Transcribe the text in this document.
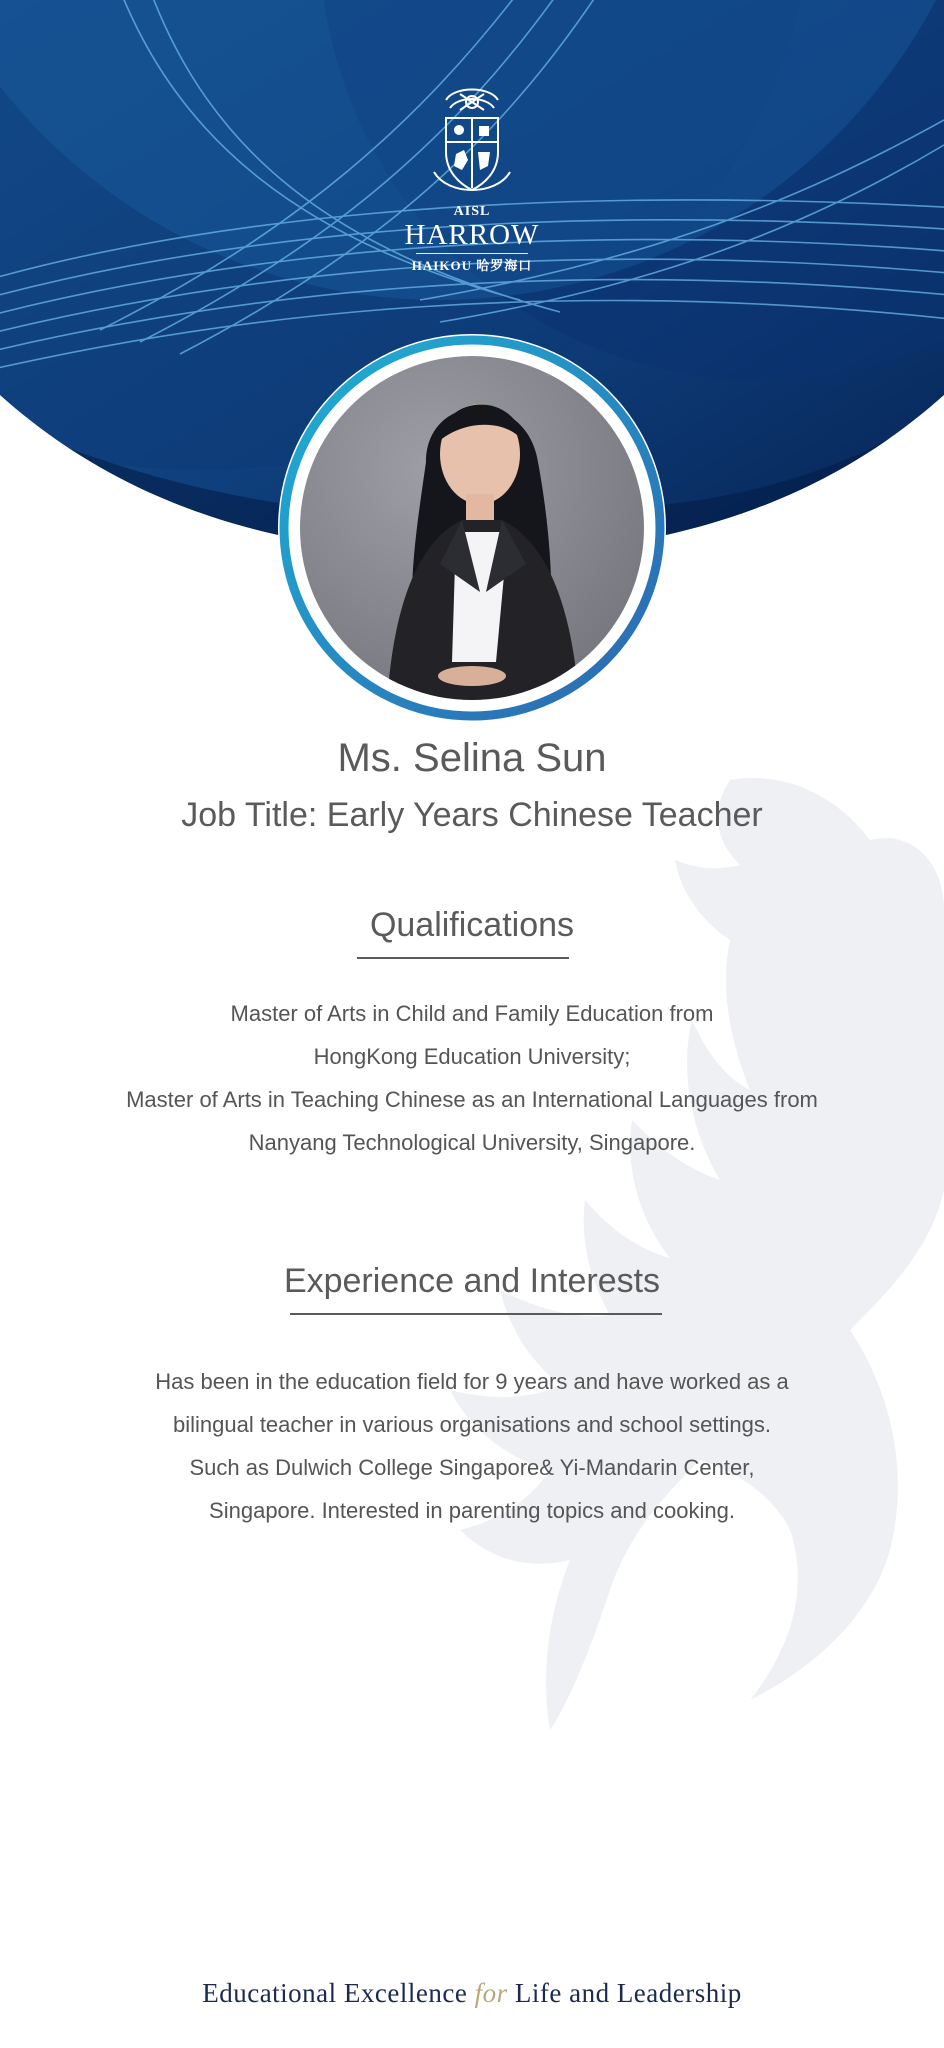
AISL
HARROW
HAIKOU 哈罗海口
Ms. Selina Sun
Job Title: Early Years Chinese Teacher
Qualifications
Master of Arts in Child and Family Education from
HongKong Education University;
Master of Arts in Teaching Chinese as an International Languages from
Nanyang Technological University, Singapore.
Experience and Interests
Has been in the education field for 9 years and have worked as a
bilingual teacher in various organisations and school settings.
Such as Dulwich College Singapore& Yi-Mandarin Center,
Singapore. Interested in parenting topics and cooking.
Educational Excellence for Life and Leadership
